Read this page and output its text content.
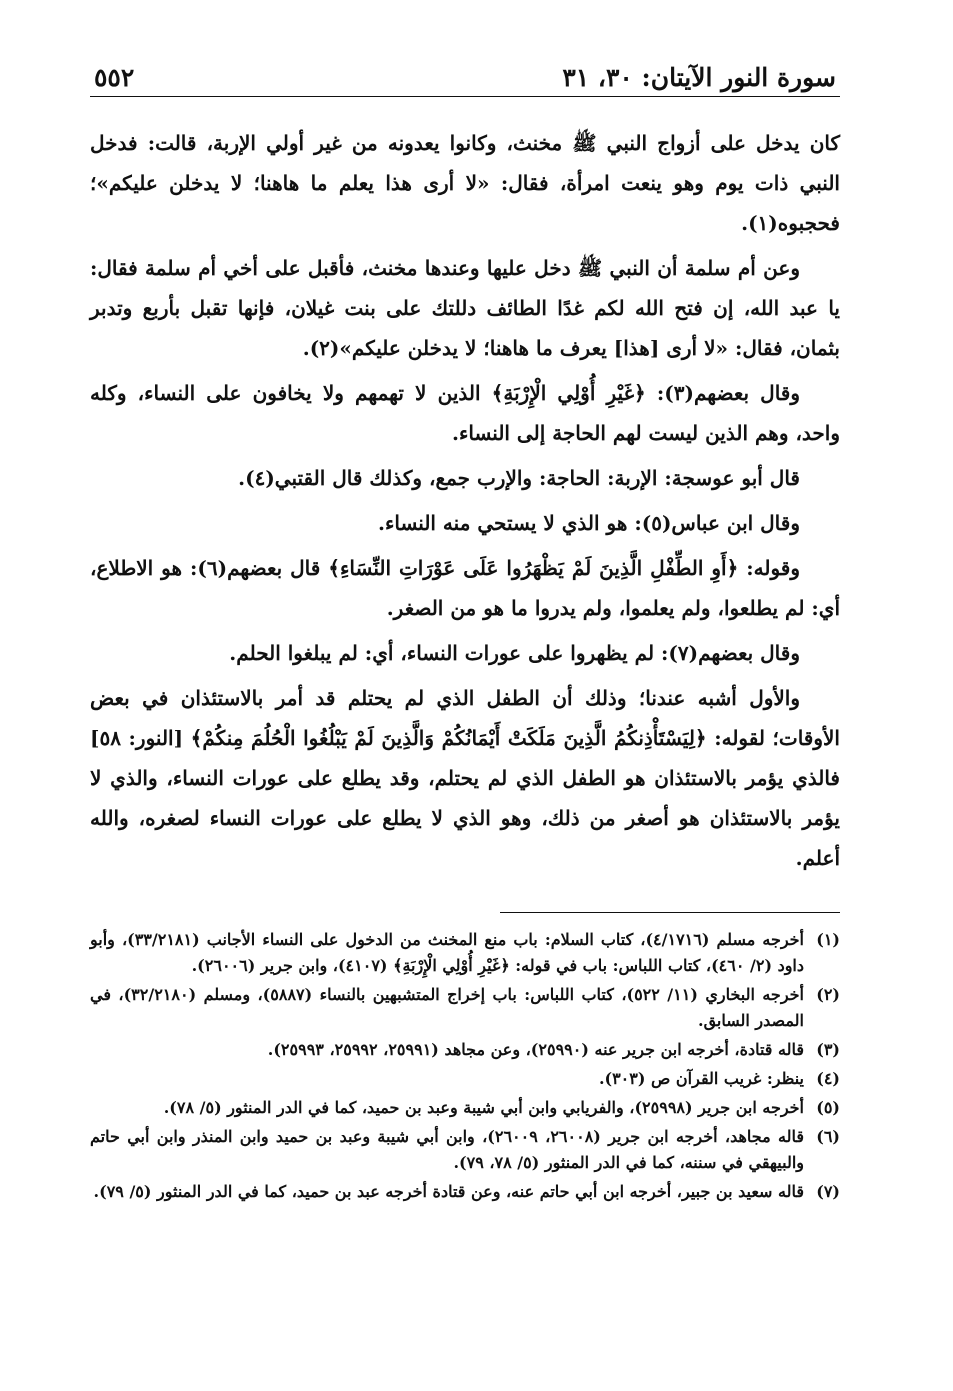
سورة النور الآيتان: ٣٠، ٣١
٥٥٢

كان يدخل على أزواج النبي ﷺ مخنث، وكانوا يعدونه من غير أولي الإربة، قالت: فدخل النبي ذات يوم وهو ينعت امرأة، فقال: «لا أرى هذا يعلم ما هاهنا؛ لا يدخلن عليكم»؛ فحجبوه(١).

وعن أم سلمة أن النبي ﷺ دخل عليها وعندها مخنث، فأقبل على أخي أم سلمة فقال: يا عبد الله، إن فتح الله لكم غدًا الطائف دللتك على بنت غيلان، فإنها تقبل بأربع وتدبر بثمان، فقال: «لا أرى [هذا] يعرف ما هاهنا؛ لا يدخلن عليكم»(٢).

وقال بعضهم(٣): ﴿غَيْرِ أُوْلِي الْإِرْبَةِ﴾ الذين لا تهمهم ولا يخافون على النساء، وكله واحد، وهم الذين ليست لهم الحاجة إلى النساء.

قال أبو عوسجة: الإربة: الحاجة: والإرب جمع، وكذلك قال القتبي(٤).

وقال ابن عباس(٥): هو الذي لا يستحي منه النساء.

وقوله: ﴿أَوِ الطِّفْلِ الَّذِينَ لَمْ يَظْهَرُوا عَلَى عَوْرَاتِ النِّسَاءِ﴾ قال بعضهم(٦): هو الاطلاع، أي: لم يطلعوا، ولم يعلموا، ولم يدروا ما هو من الصغر.

وقال بعضهم(٧): لم يظهروا على عورات النساء، أي: لم يبلغوا الحلم.

والأول أشبه عندنا؛ وذلك أن الطفل الذي لم يحتلم قد أمر بالاستئذان في بعض الأوقات؛ لقوله: ﴿لِيَسْتَأْذِنكُمُ الَّذِينَ مَلَكَتْ أَيْمَانُكُمْ وَالَّذِينَ لَمْ يَبْلُغُوا الْحُلُمَ مِنكُمْ﴾ [النور: ٥٨] فالذي يؤمر بالاستئذان هو الطفل الذي لم يحتلم، وقد يطلع على عورات النساء، والذي لا يؤمر بالاستئذان هو أصغر من ذلك، وهو الذي لا يطلع على عورات النساء لصغره، والله أعلم.

(١)
أخرجه مسلم (٤/١٧١٦)، كتاب السلام: باب منع المخنث من الدخول على النساء الأجانب (٣٣/٢١٨١)، وأبو داود (٢/ ٤٦٠)، كتاب اللباس: باب في قوله: ﴿غَيْرِ أُوْلِي الْإِرْبَةِ﴾ (٤١٠٧)، وابن جرير (٢٦٠٠٦).
(٢)
أخرجه البخاري (١١/ ٥٢٢)، كتاب اللباس: باب إخراج المتشبهين بالنساء (٥٨٨٧)، ومسلم (٣٢/٢١٨٠)، في المصدر السابق.
(٣)
قاله قتادة، أخرجه ابن جرير عنه (٢٥٩٩٠)، وعن مجاهد (٢٥٩٩١، ٢٥٩٩٢، ٢٥٩٩٣).
(٤)
ينظر: غريب القرآن ص (٣٠٣).
(٥)
أخرجه ابن جرير (٢٥٩٩٨)، والفريابي وابن أبي شيبة وعبد بن حميد، كما في الدر المنثور (٥/ ٧٨).
(٦)
قاله مجاهد، أخرجه ابن جرير (٢٦٠٠٨، ٢٦٠٠٩)، وابن أبي شيبة وعبد بن حميد وابن المنذر وابن أبي حاتم والبيهقي في سننه، كما في الدر المنثور (٥/ ٧٨، ٧٩).
(٧)
قاله سعيد بن جبير، أخرجه ابن أبي حاتم عنه، وعن قتادة أخرجه عبد بن حميد، كما في الدر المنثور (٥/ ٧٩).
